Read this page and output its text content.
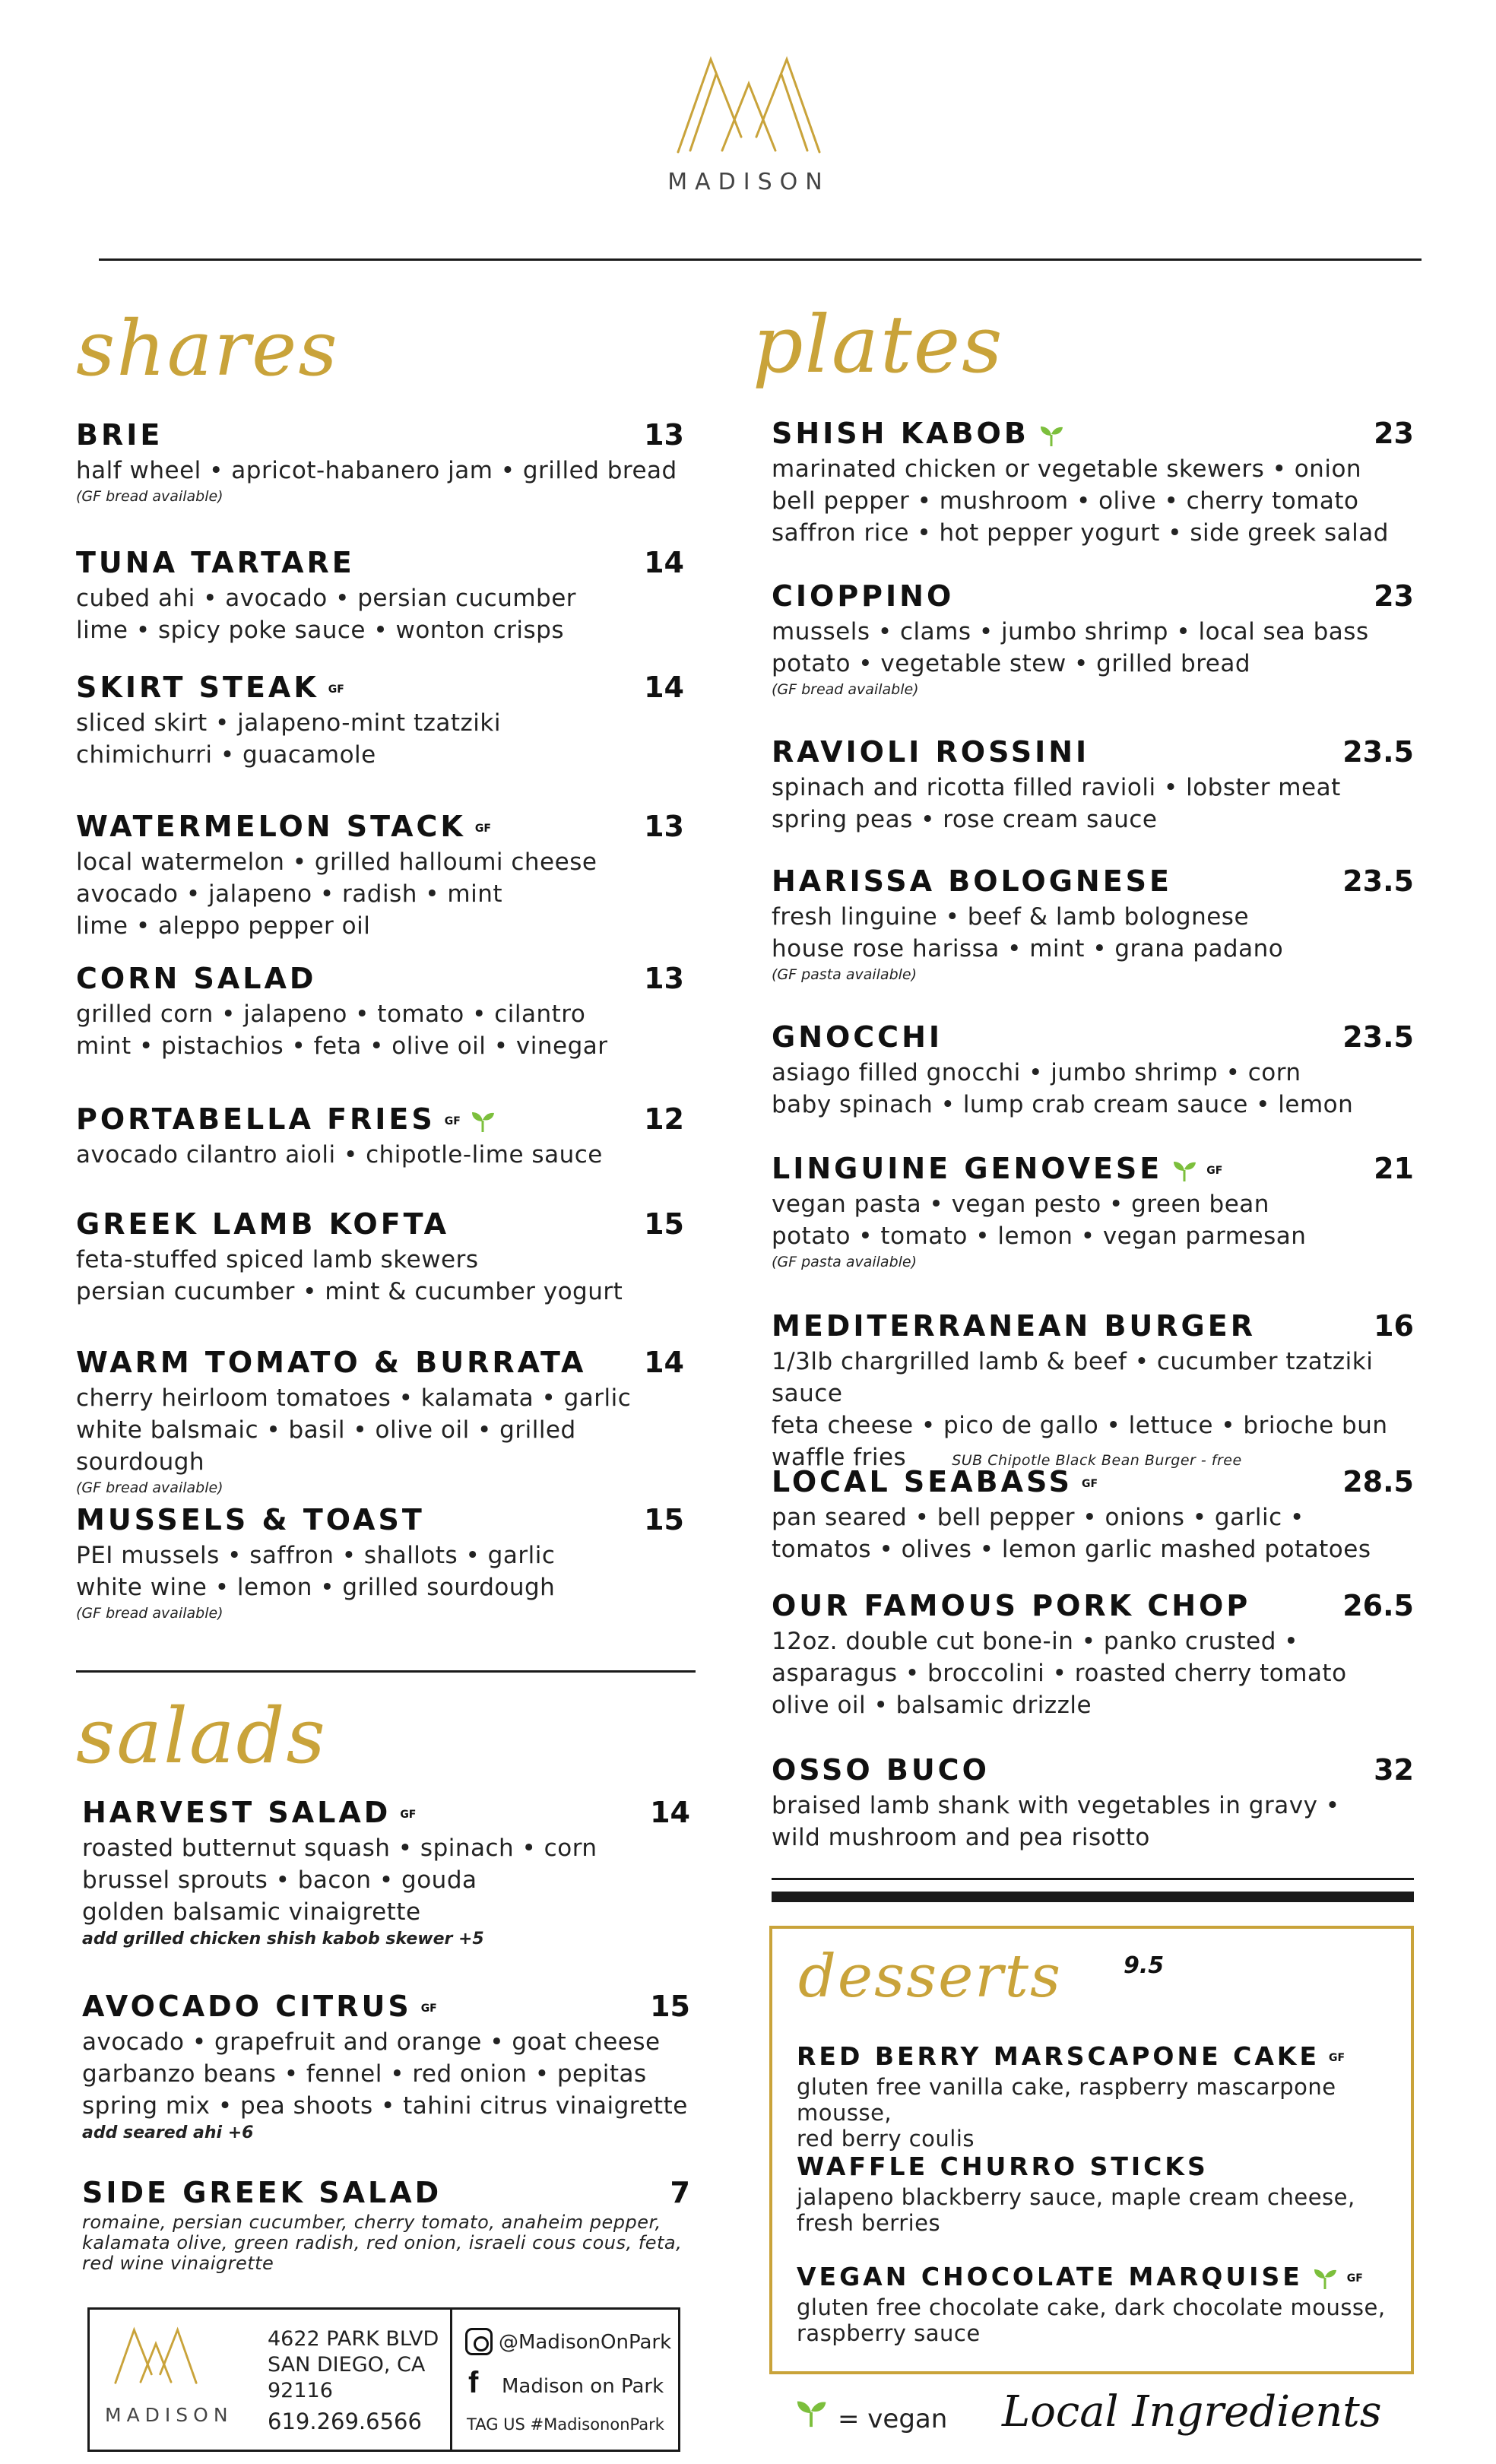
MADISON
shares	plates
BRIE	13
half wheel • apricot-habanero jam • grilled bread
(GF bread available)
TUNA TARTARE	14
cubed ahi • avocado • persian cucumber
lime • spicy poke sauce • wonton crisps
SKIRT STEAK GF	14
sliced skirt • jalapeno-mint tzatziki
chimichurri • guacamole
WATERMELON STACK GF	13
local watermelon • grilled halloumi cheese
avocado • jalapeno • radish • mint
lime • aleppo pepper oil
CORN SALAD	13
grilled corn • jalapeno • tomato • cilantro
mint • pistachios • feta • olive oil • vinegar
PORTABELLA FRIES GF	12
avocado cilantro aioli • chipotle-lime sauce
GREEK LAMB KOFTA	15
feta-stuffed spiced lamb skewers
persian cucumber • mint & cucumber yogurt
WARM TOMATO & BURRATA 14
cherry heirloom tomatoes • kalamata • garlic
white balsmaic • basil • olive oil • grilled sourdough
(GF bread available)
MUSSELS & TOAST	15
PEI mussels • saffron • shallots • garlic
white wine • lemon • grilled sourdough
(GF bread available)
salads
SHISH KABOB	23
marinated chicken or vegetable skewers • onion
bell pepper • mushroom • olive • cherry tomato
saffron rice • hot pepper yogurt • side greek salad
CIOPPINO	23
mussels • clams • jumbo shrimp • local sea bass
potato • vegetable stew • grilled bread
(GF bread available)
RAVIOLI ROSSINI	23.5
spinach and ricotta filled ravioli • lobster meat
spring peas • rose cream sauce
HARISSA BOLOGNESE	23.5
fresh linguine • beef & lamb bolognese
house rose harissa • mint • grana padano
(GF pasta available)
GNOCCHI	23.5
asiago filled gnocchi • jumbo shrimp • corn
baby spinach • lump crab cream sauce • lemon
LINGUINE GENOVESE	GF	21
vegan pasta • vegan pesto • green bean
potato • tomato • lemon • vegan parmesan
(GF pasta available)
MEDITERRANEAN BURGER	16
1/3lb chargrilled lamb & beef • cucumber tzatziki sauce
feta cheese • pico de gallo • lettuce • brioche bun
waffle fries	SUB Chipotle Black Bean Burger - free
LOCAL SEABASS GF	28.5
pan seared • bell pepper • onions • garlic •
tomatos • olives • lemon garlic mashed potatoes
OUR FAMOUS PORK CHOP	26.5
12oz. double cut bone-in • panko crusted •
asparagus • broccolini • roasted cherry tomato
olive oil • balsamic drizzle
OSSO BUCO	32
braised lamb shank with vegetables in gravy •
wild mushroom and pea risotto
HARVEST SALAD GF	14
roasted butternut squash • spinach • corn
brussel sprouts • bacon • gouda
golden balsamic vinaigrette
add grilled chicken shish kabob skewer +5
AVOCADO CITRUS GF	15
avocado • grapefruit and orange • goat cheese
garbanzo beans • fennel • red onion • pepitas
spring mix • pea shoots • tahini citrus vinaigrette
add seared ahi +6
SIDE GREEK SALAD	7
romaine, persian cucumber, cherry tomato, anaheim pepper,
kalamata olive, green radish, red onion, israeli cous cous, feta,
red wine vinaigrette
desserts	9.5
RED BERRY MARSCAPONE CAKE GF
gluten free vanilla cake, raspberry mascarpone mousse,
red berry coulis
WAFFLE CHURRO STICKS
jalapeno blackberry sauce, maple cream cheese,
fresh berries
VEGAN CHOCOLATE MARQUISE	GF
gluten free chocolate cake, dark chocolate mousse,
raspberry sauce
MADISON
4622 PARK BLVD
SAN DIEGO, CA
92116
619.269.6566
@MadisonOnPark
f Madison on Park
TAG US #MadisononPark	= vegan Local Ingredients
